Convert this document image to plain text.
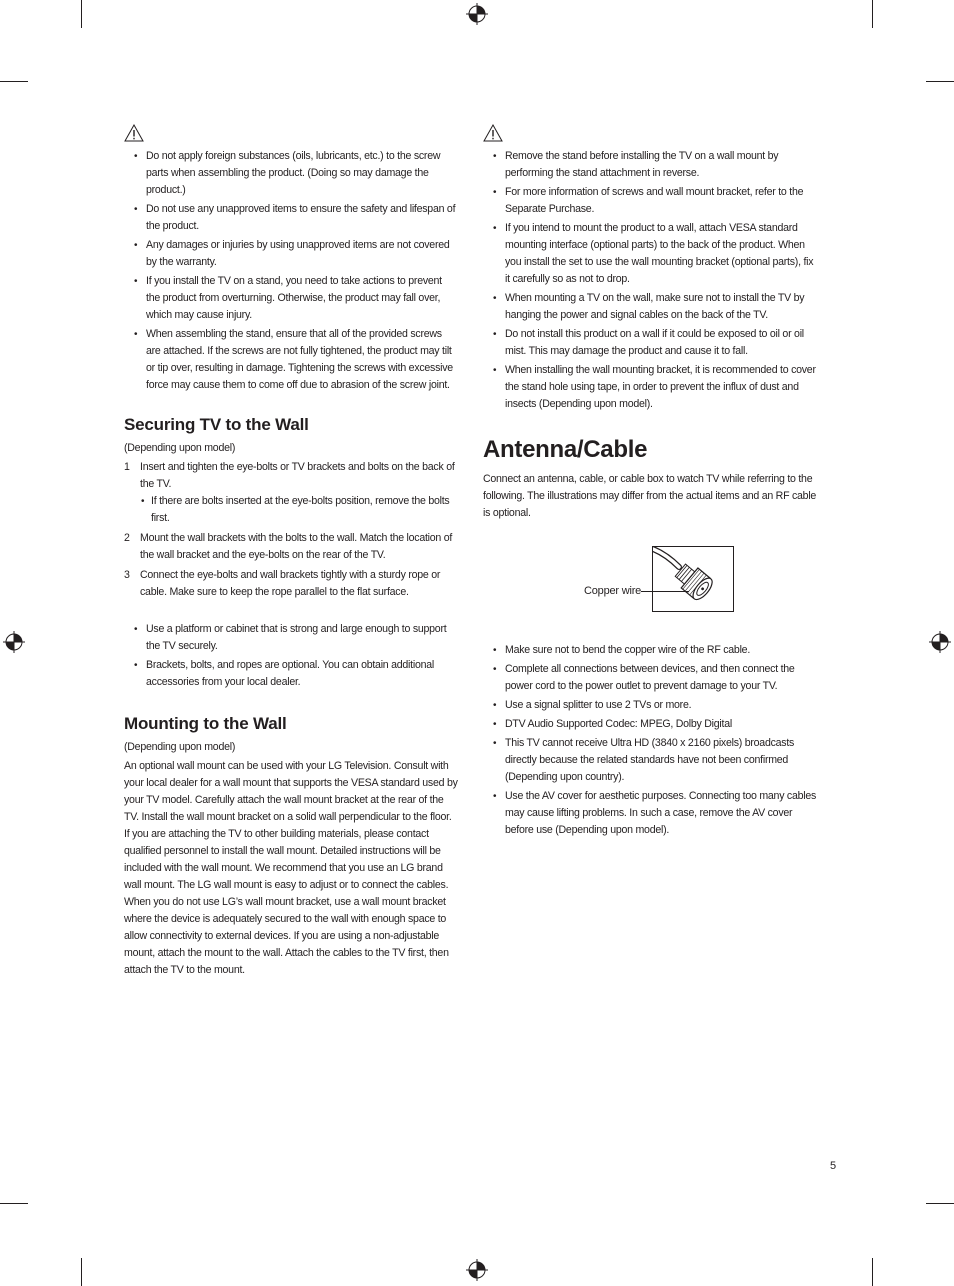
• Do not apply foreign substances (oils, lubricants, etc.) to the screw parts when assembling the product. (Doing so may damage the product.)
• Do not use any unapproved items to ensure the safety and lifespan of the product.
• Any damages or injuries by using unapproved items are not covered by the warranty.
• If you install the TV on a stand, you need to take actions to prevent the product from overturning. Otherwise, the product may fall over, which may cause injury.
• When assembling the stand, ensure that all of the provided screws are attached. If the screws are not fully tightened, the product may tilt or tip over, resulting in damage. Tightening the screws with excessive force may cause them to come off due to abrasion of the screw joint.
Securing TV to the Wall

(Depending upon model)

1 Insert and tighten the eye-bolts or TV brackets and bolts on the back of the TV.
• If there are bolts inserted at the eye-bolts position, remove the bolts first.
2 Mount the wall brackets with the bolts to the wall. Match the location of the wall bracket and the eye-bolts on the rear of the TV.
3 Connect the eye-bolts and wall brackets tightly with a sturdy rope or cable. Make sure to keep the rope parallel to the flat surface.
• Use a platform or cabinet that is strong and large enough to support the TV securely.
• Brackets, bolts, and ropes are optional. You can obtain additional accessories from your local dealer.
Mounting to the Wall

(Depending upon model)

An optional wall mount can be used with your LG Television. Consult with your local dealer for a wall mount that supports the VESA standard used by your TV model. Carefully attach the wall mount bracket at the rear of the TV. Install the wall mount bracket on a solid wall perpendicular to the floor. If you are attaching the TV to other building materials, please contact qualified personnel to install the wall mount. Detailed instructions will be included with the wall mount. We recommend that you use an LG brand wall mount. The LG wall mount is easy to adjust or to connect the cables. When you do not use LG’s wall mount bracket, use a wall mount bracket where the device is adequately secured to the wall with enough space to allow connectivity to external devices. If you are using a non-adjustable mount, attach the mount to the wall. Attach the cables to the TV first, then attach the TV to the mount.

• Remove the stand before installing the TV on a wall mount by performing the stand attachment in reverse.
• For more information of screws and wall mount bracket, refer to the Separate Purchase.
• If you intend to mount the product to a wall, attach VESA standard mounting interface (optional parts) to the back of the product. When you install the set to use the wall mounting bracket (optional parts), fix it carefully so as not to drop.
• When mounting a TV on the wall, make sure not to install the TV by hanging the power and signal cables on the back of the TV.
• Do not install this product on a wall if it could be exposed to oil or oil mist. This may damage the product and cause it to fall.
• When installing the wall mounting bracket, it is recommended to cover the stand hole using tape, in order to prevent the influx of dust and insects (Depending upon model).
Antenna/Cable

Connect an antenna, cable, or cable box to watch TV while referring to the following. The illustrations may differ from the actual items and an RF cable is optional.

Copper wire
• Make sure not to bend the copper wire of the RF cable.
• Complete all connections between devices, and then connect the power cord to the power outlet to prevent damage to your TV.
• Use a signal splitter to use 2 TVs or more.
• DTV Audio Supported Codec: MPEG, Dolby Digital
• This TV cannot receive Ultra HD (3840 x 2160 pixels) broadcasts directly because the related standards have not been confirmed (Depending upon country).
• Use the AV cover for aesthetic purposes. Connecting too many cables may cause lifting problems. In such a case, remove the AV cover before use (Depending upon model).
5
